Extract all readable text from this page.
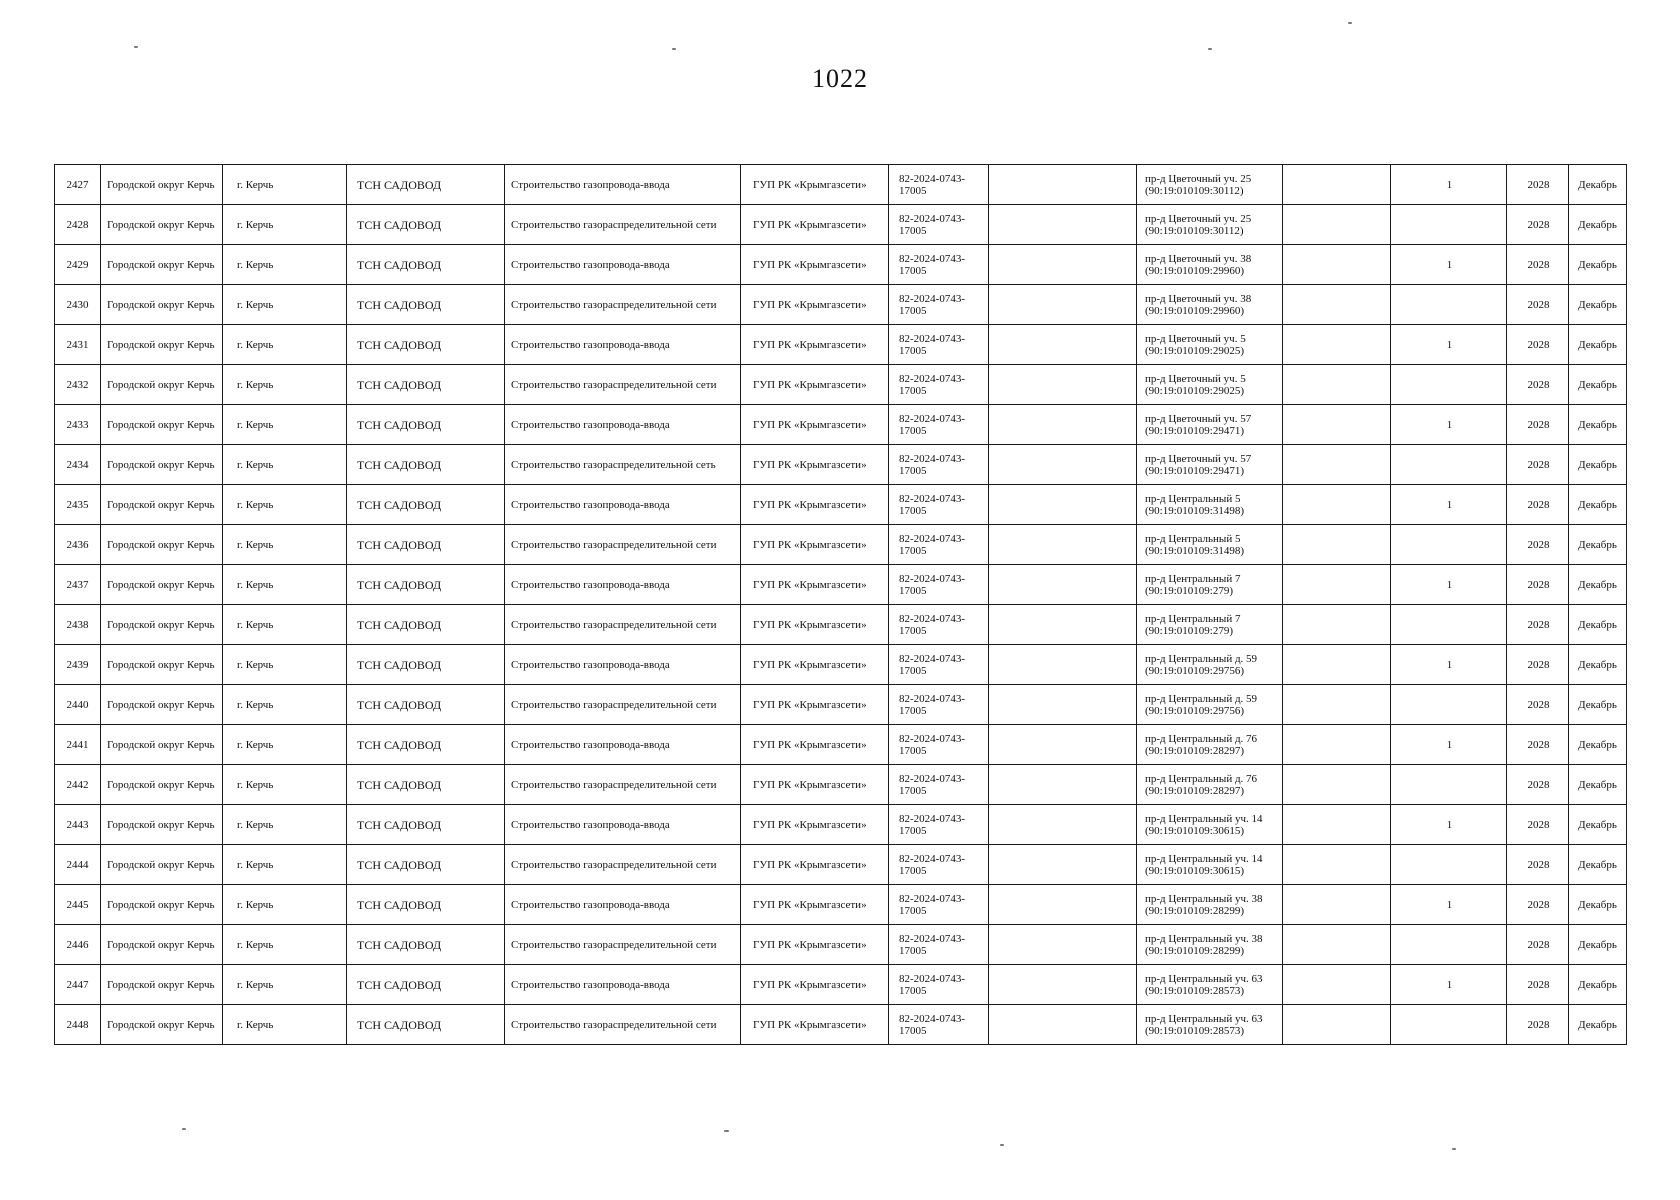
1022
2427	Городской округ Керчь	г. Керчь	ТСН САДОВОД	Строительство газопровода-ввода	ГУП РК «Крымгазсети»	82-2024-0743-17005		пр-д Цветочный уч. 25 (90:19:010109:30112)		1	2028	Декабрь
2428	Городской округ Керчь	г. Керчь	ТСН САДОВОД	Строительство газораспределительной сети	ГУП РК «Крымгазсети»	82-2024-0743-17005		пр-д Цветочный уч. 25 (90:19:010109:30112)			2028	Декабрь
2429	Городской округ Керчь	г. Керчь	ТСН САДОВОД	Строительство газопровода-ввода	ГУП РК «Крымгазсети»	82-2024-0743-17005		пр-д Цветочный уч. 38 (90:19:010109:29960)		1	2028	Декабрь
2430	Городской округ Керчь	г. Керчь	ТСН САДОВОД	Строительство газораспределительной сети	ГУП РК «Крымгазсети»	82-2024-0743-17005		пр-д Цветочный уч. 38 (90:19:010109:29960)			2028	Декабрь
2431	Городской округ Керчь	г. Керчь	ТСН САДОВОД	Строительство газопровода-ввода	ГУП РК «Крымгазсети»	82-2024-0743-17005		пр-д Цветочный уч. 5 (90:19:010109:29025)		1	2028	Декабрь
2432	Городской округ Керчь	г. Керчь	ТСН САДОВОД	Строительство газораспределительной сети	ГУП РК «Крымгазсети»	82-2024-0743-17005		пр-д Цветочный уч. 5 (90:19:010109:29025)			2028	Декабрь
2433	Городской округ Керчь	г. Керчь	ТСН САДОВОД	Строительство газопровода-ввода	ГУП РК «Крымгазсети»	82-2024-0743-17005		пр-д Цветочный уч. 57 (90:19:010109:29471)		1	2028	Декабрь
2434	Городской округ Керчь	г. Керчь	ТСН САДОВОД	Строительство газораспределительной сеть	ГУП РК «Крымгазсети»	82-2024-0743-17005		пр-д Цветочный уч. 57 (90:19:010109:29471)			2028	Декабрь
2435	Городской округ Керчь	г. Керчь	ТСН САДОВОД	Строительство газопровода-ввода	ГУП РК «Крымгазсети»	82-2024-0743-17005		пр-д Центральный 5 (90:19:010109:31498)		1	2028	Декабрь
2436	Городской округ Керчь	г. Керчь	ТСН САДОВОД	Строительство газораспределительной сети	ГУП РК «Крымгазсети»	82-2024-0743-17005		пр-д Центральный 5 (90:19:010109:31498)			2028	Декабрь
2437	Городской округ Керчь	г. Керчь	ТСН САДОВОД	Строительство газопровода-ввода	ГУП РК «Крымгазсети»	82-2024-0743-17005		пр-д Центральный 7 (90:19:010109:279)		1	2028	Декабрь
2438	Городской округ Керчь	г. Керчь	ТСН САДОВОД	Строительство газораспределительной сети	ГУП РК «Крымгазсети»	82-2024-0743-17005		пр-д Центральный 7 (90:19:010109:279)			2028	Декабрь
2439	Городской округ Керчь	г. Керчь	ТСН САДОВОД	Строительство газопровода-ввода	ГУП РК «Крымгазсети»	82-2024-0743-17005		пр-д Центральный д. 59 (90:19:010109:29756)		1	2028	Декабрь
2440	Городской округ Керчь	г. Керчь	ТСН САДОВОД	Строительство газораспределительной сети	ГУП РК «Крымгазсети»	82-2024-0743-17005		пр-д Центральный д. 59 (90:19:010109:29756)			2028	Декабрь
2441	Городской округ Керчь	г. Керчь	ТСН САДОВОД	Строительство газопровода-ввода	ГУП РК «Крымгазсети»	82-2024-0743-17005		пр-д Центральный д. 76 (90:19:010109:28297)		1	2028	Декабрь
2442	Городской округ Керчь	г. Керчь	ТСН САДОВОД	Строительство газораспределительной сети	ГУП РК «Крымгазсети»	82-2024-0743-17005		пр-д Центральный д. 76 (90:19:010109:28297)			2028	Декабрь
2443	Городской округ Керчь	г. Керчь	ТСН САДОВОД	Строительство газопровода-ввода	ГУП РК «Крымгазсети»	82-2024-0743-17005		пр-д Центральный уч. 14 (90:19:010109:30615)		1	2028	Декабрь
2444	Городской округ Керчь	г. Керчь	ТСН САДОВОД	Строительство газораспределительной сети	ГУП РК «Крымгазсети»	82-2024-0743-17005		пр-д Центральный уч. 14 (90:19:010109:30615)			2028	Декабрь
2445	Городской округ Керчь	г. Керчь	ТСН САДОВОД	Строительство газопровода-ввода	ГУП РК «Крымгазсети»	82-2024-0743-17005		пр-д Центральный уч. 38 (90:19:010109:28299)		1	2028	Декабрь
2446	Городской округ Керчь	г. Керчь	ТСН САДОВОД	Строительство газораспределительной сети	ГУП РК «Крымгазсети»	82-2024-0743-17005		пр-д Центральный уч. 38 (90:19:010109:28299)			2028	Декабрь
2447	Городской округ Керчь	г. Керчь	ТСН САДОВОД	Строительство газопровода-ввода	ГУП РК «Крымгазсети»	82-2024-0743-17005		пр-д Центральный уч. 63 (90:19:010109:28573)		1	2028	Декабрь
2448	Городской округ Керчь	г. Керчь	ТСН САДОВОД	Строительство газораспределительной сети	ГУП РК «Крымгазсети»	82-2024-0743-17005		пр-д Центральный уч. 63 (90:19:010109:28573)			2028	Декабрь
